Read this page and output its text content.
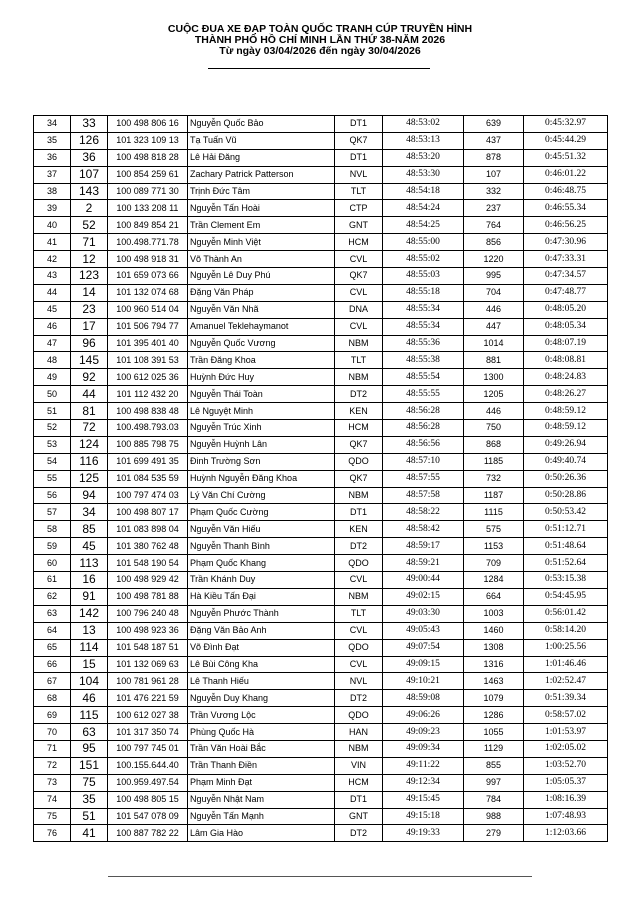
CUỘC ĐUA XE ĐẠP TOÀN QUỐC TRANH CÚP TRUYỀN HÌNH
THÀNH PHỐ HỒ CHÍ MINH LẦN THỨ 38-NĂM 2026
Từ ngày 03/04/2026 đến ngày 30/04/2026
34	33	100 498 806 16	Nguyễn Quốc Bảo	DT1	48:53:02	639	0:45:32.97
35	126	101 323 109 13	Tạ Tuấn Vũ	QK7	48:53:13	437	0:45:44.29
36	36	100 498 818 28	Lê Hải Đăng	DT1	48:53:20	878	0:45:51.32
37	107	100 854 259 61	Zachary Patrick Patterson	NVL	48:53:30	107	0:46:01.22
38	143	100 089 771 30	Trịnh Đức Tâm	TLT	48:54:18	332	0:46:48.75
39	2	100 133 208 11	Nguyễn Tấn Hoài	CTP	48:54:24	237	0:46:55.34
40	52	100 849 854 21	Trần Clement Em	GNT	48:54:25	764	0:46:56.25
41	71	100.498.771.78	Nguyễn Minh Việt	HCM	48:55:00	856	0:47:30.96
42	12	100 498 918 31	Võ Thành An	CVL	48:55:02	1220	0:47:33.31
43	123	101 659 073 66	Nguyễn Lê Duy Phú	QK7	48:55:03	995	0:47:34.57
44	14	101 132 074 68	Đặng Văn Pháp	CVL	48:55:18	704	0:47:48.77
45	23	100 960 514 04	Nguyễn Văn Nhã	DNA	48:55:34	446	0:48:05.20
46	17	101 506 794 77	Amanuel Teklehaymanot	CVL	48:55:34	447	0:48:05.34
47	96	101 395 401 40	Nguyễn Quốc Vương	NBM	48:55:36	1014	0:48:07.19
48	145	101 108 391 53	Trần Đăng Khoa	TLT	48:55:38	881	0:48:08.81
49	92	100 612 025 36	Huỳnh Đức Huy	NBM	48:55:54	1300	0:48:24.83
50	44	101 112 432 20	Nguyễn Thái Toàn	DT2	48:55:55	1205	0:48:26.27
51	81	100 498 838 48	Lê Nguyệt Minh	KEN	48:56:28	446	0:48:59.12
52	72	100.498.793.03	Nguyễn Trúc Xinh	HCM	48:56:28	750	0:48:59.12
53	124	100 885 798 75	Nguyễn Huỳnh Lân	QK7	48:56:56	868	0:49:26.94
54	116	101 699 491 35	Đinh Trường Sơn	QDO	48:57:10	1185	0:49:40.74
55	125	101 084 535 59	Huỳnh Nguyễn Đăng Khoa	QK7	48:57:55	732	0:50:26.36
56	94	100 797 474 03	Lý Văn Chí Cường	NBM	48:57:58	1187	0:50:28.86
57	34	100 498 807 17	Phạm Quốc Cường	DT1	48:58:22	1115	0:50:53.42
58	85	101 083 898 04	Nguyễn Văn Hiếu	KEN	48:58:42	575	0:51:12.71
59	45	101 380 762 48	Nguyễn Thanh Bình	DT2	48:59:17	1153	0:51:48.64
60	113	101 548 190 54	Phạm Quốc Khang	QDO	48:59:21	709	0:51:52.64
61	16	100 498 929 42	Trần Khánh Duy	CVL	49:00:44	1284	0:53:15.38
62	91	100 498 781 88	Hà Kiều Tấn Đại	NBM	49:02:15	664	0:54:45.95
63	142	100 796 240 48	Nguyễn Phước Thành	TLT	49:03:30	1003	0:56:01.42
64	13	100 498 923 36	Đặng Văn Bảo Anh	CVL	49:05:43	1460	0:58:14.20
65	114	101 548 187 51	Võ Đình Đạt	QDO	49:07:54	1308	1:00:25.56
66	15	101 132 069 63	Lê Bùi Công Kha	CVL	49:09:15	1316	1:01:46.46
67	104	100 781 961 28	Lê Thanh Hiếu	NVL	49:10:21	1463	1:02:52.47
68	46	101 476 221 59	Nguyễn Duy Khang	DT2	48:59:08	1079	0:51:39.34
69	115	100 612 027 38	Trần Vương Lộc	QDO	49:06:26	1286	0:58:57.02
70	63	101 317 350 74	Phùng Quốc Hà	HAN	49:09:23	1055	1:01:53.97
71	95	100 797 745 01	Trần Văn Hoài Bắc	NBM	49:09:34	1129	1:02:05.02
72	151	100.155.644.40	Trần Thanh Điền	VIN	49:11:22	855	1:03:52.70
73	75	100.959.497.54	Phạm Minh Đạt	HCM	49:12:34	997	1:05:05.37
74	35	100 498 805 15	Nguyễn Nhật Nam	DT1	49:15:45	784	1:08:16.39
75	51	101 547 078 09	Nguyễn Tấn Mạnh	GNT	49:15:18	988	1:07:48.93
76	41	100 887 782 22	Lâm Gia Hào	DT2	49:19:33	279	1:12:03.66
